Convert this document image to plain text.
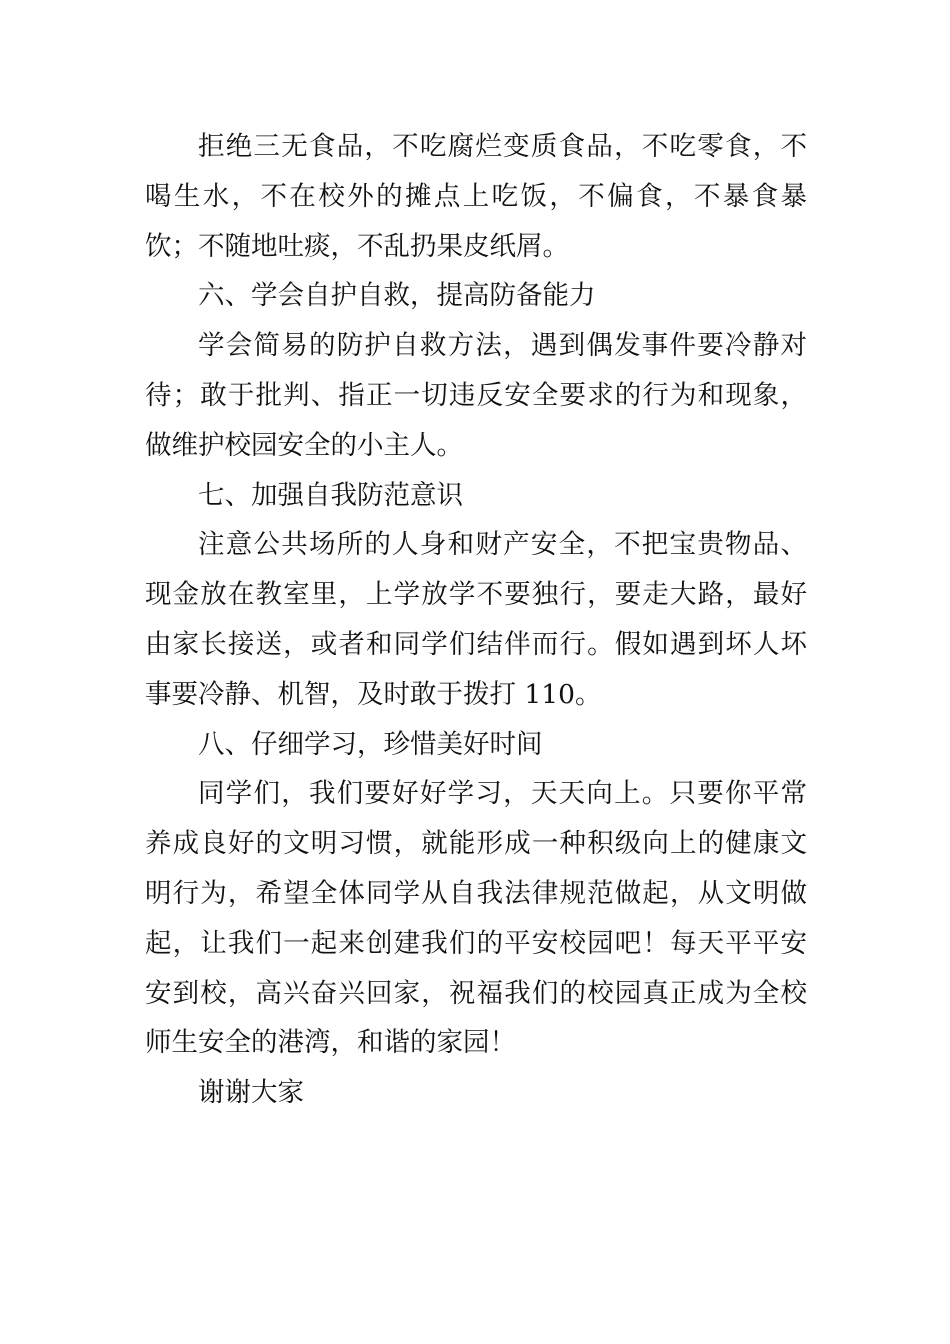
拒绝三无食品，不吃腐烂变质食品，不吃零食，不喝生水，不在校外的摊点上吃饭，不偏食，不暴食暴饮；不随地吐痰，不乱扔果皮纸屑。

六、学会自护自救，提高防备能力

学会简易的防护自救方法，遇到偶发事件要冷静对待；敢于批判、指正一切违反安全要求的行为和现象，做维护校园安全的小主人。

七、加强自我防范意识

注意公共场所的人身和财产安全，不把宝贵物品、现金放在教室里，上学放学不要独行，要走大路，最好由家长接送，或者和同学们结伴而行。假如遇到坏人坏事要冷静、机智，及时敢于拨打 110。

八、仔细学习，珍惜美好时间

同学们，我们要好好学习，天天向上。只要你平常养成良好的文明习惯，就能形成一种积级向上的健康文明行为，希望全体同学从自我法律规范做起，从文明做起，让我们一起来创建我们的平安校园吧！每天平平安安到校，高兴奋兴回家，祝福我们的校园真正成为全校师生安全的港湾，和谐的家园！

谢谢大家
